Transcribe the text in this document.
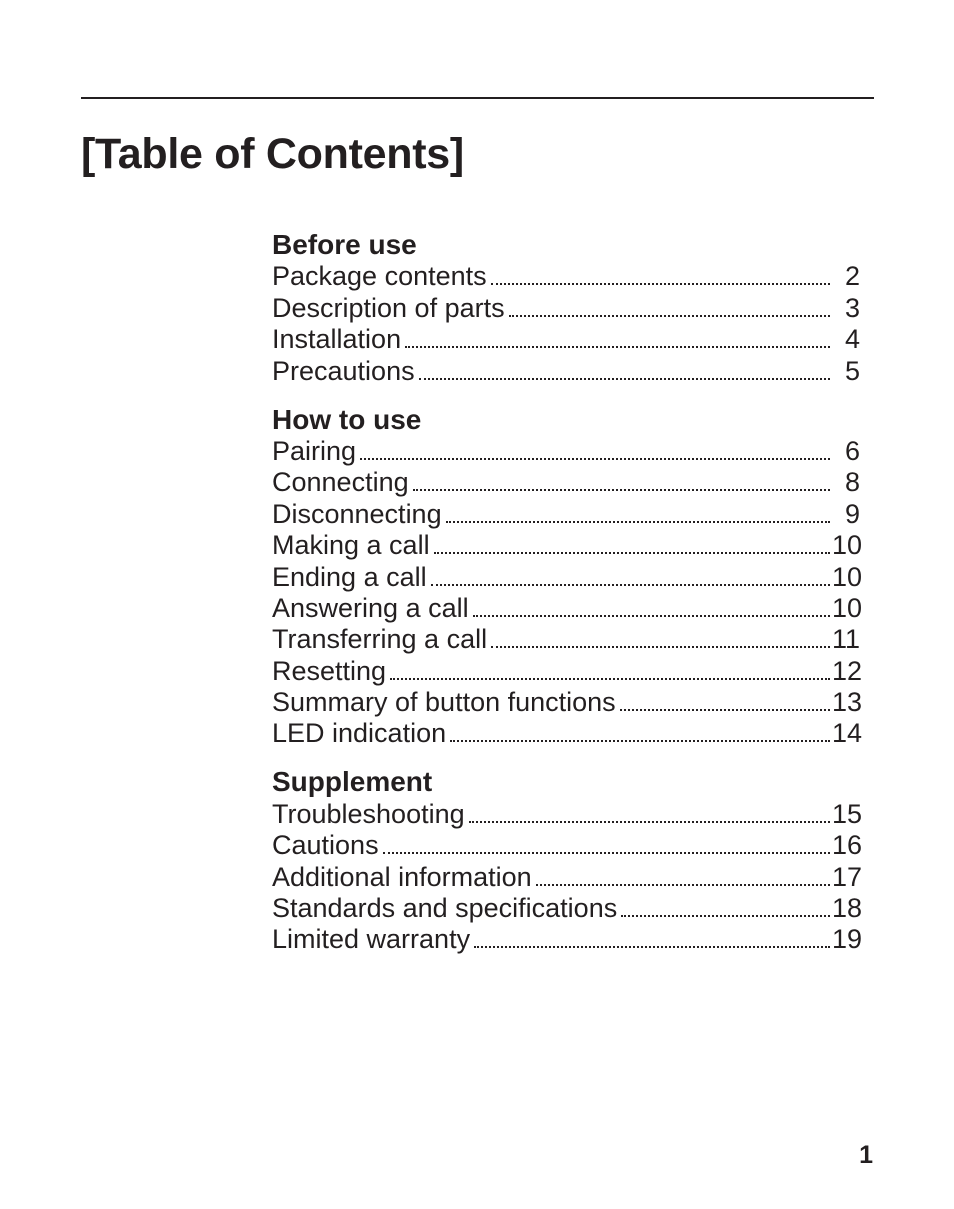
[Table of Contents]
Before use
Package contents	2
Description of parts	3
Installation	4
Precautions	5
How to use
Pairing	6
Connecting	8
Disconnecting	9
Making a call	10
Ending a call	10
Answering a call	10
Transferring a call	11
Resetting	12
Summary of button functions	13
LED indication	14
Supplement
Troubleshooting	15
Cautions	16
Additional information	17
Standards and specifications	18
Limited warranty	19
1
